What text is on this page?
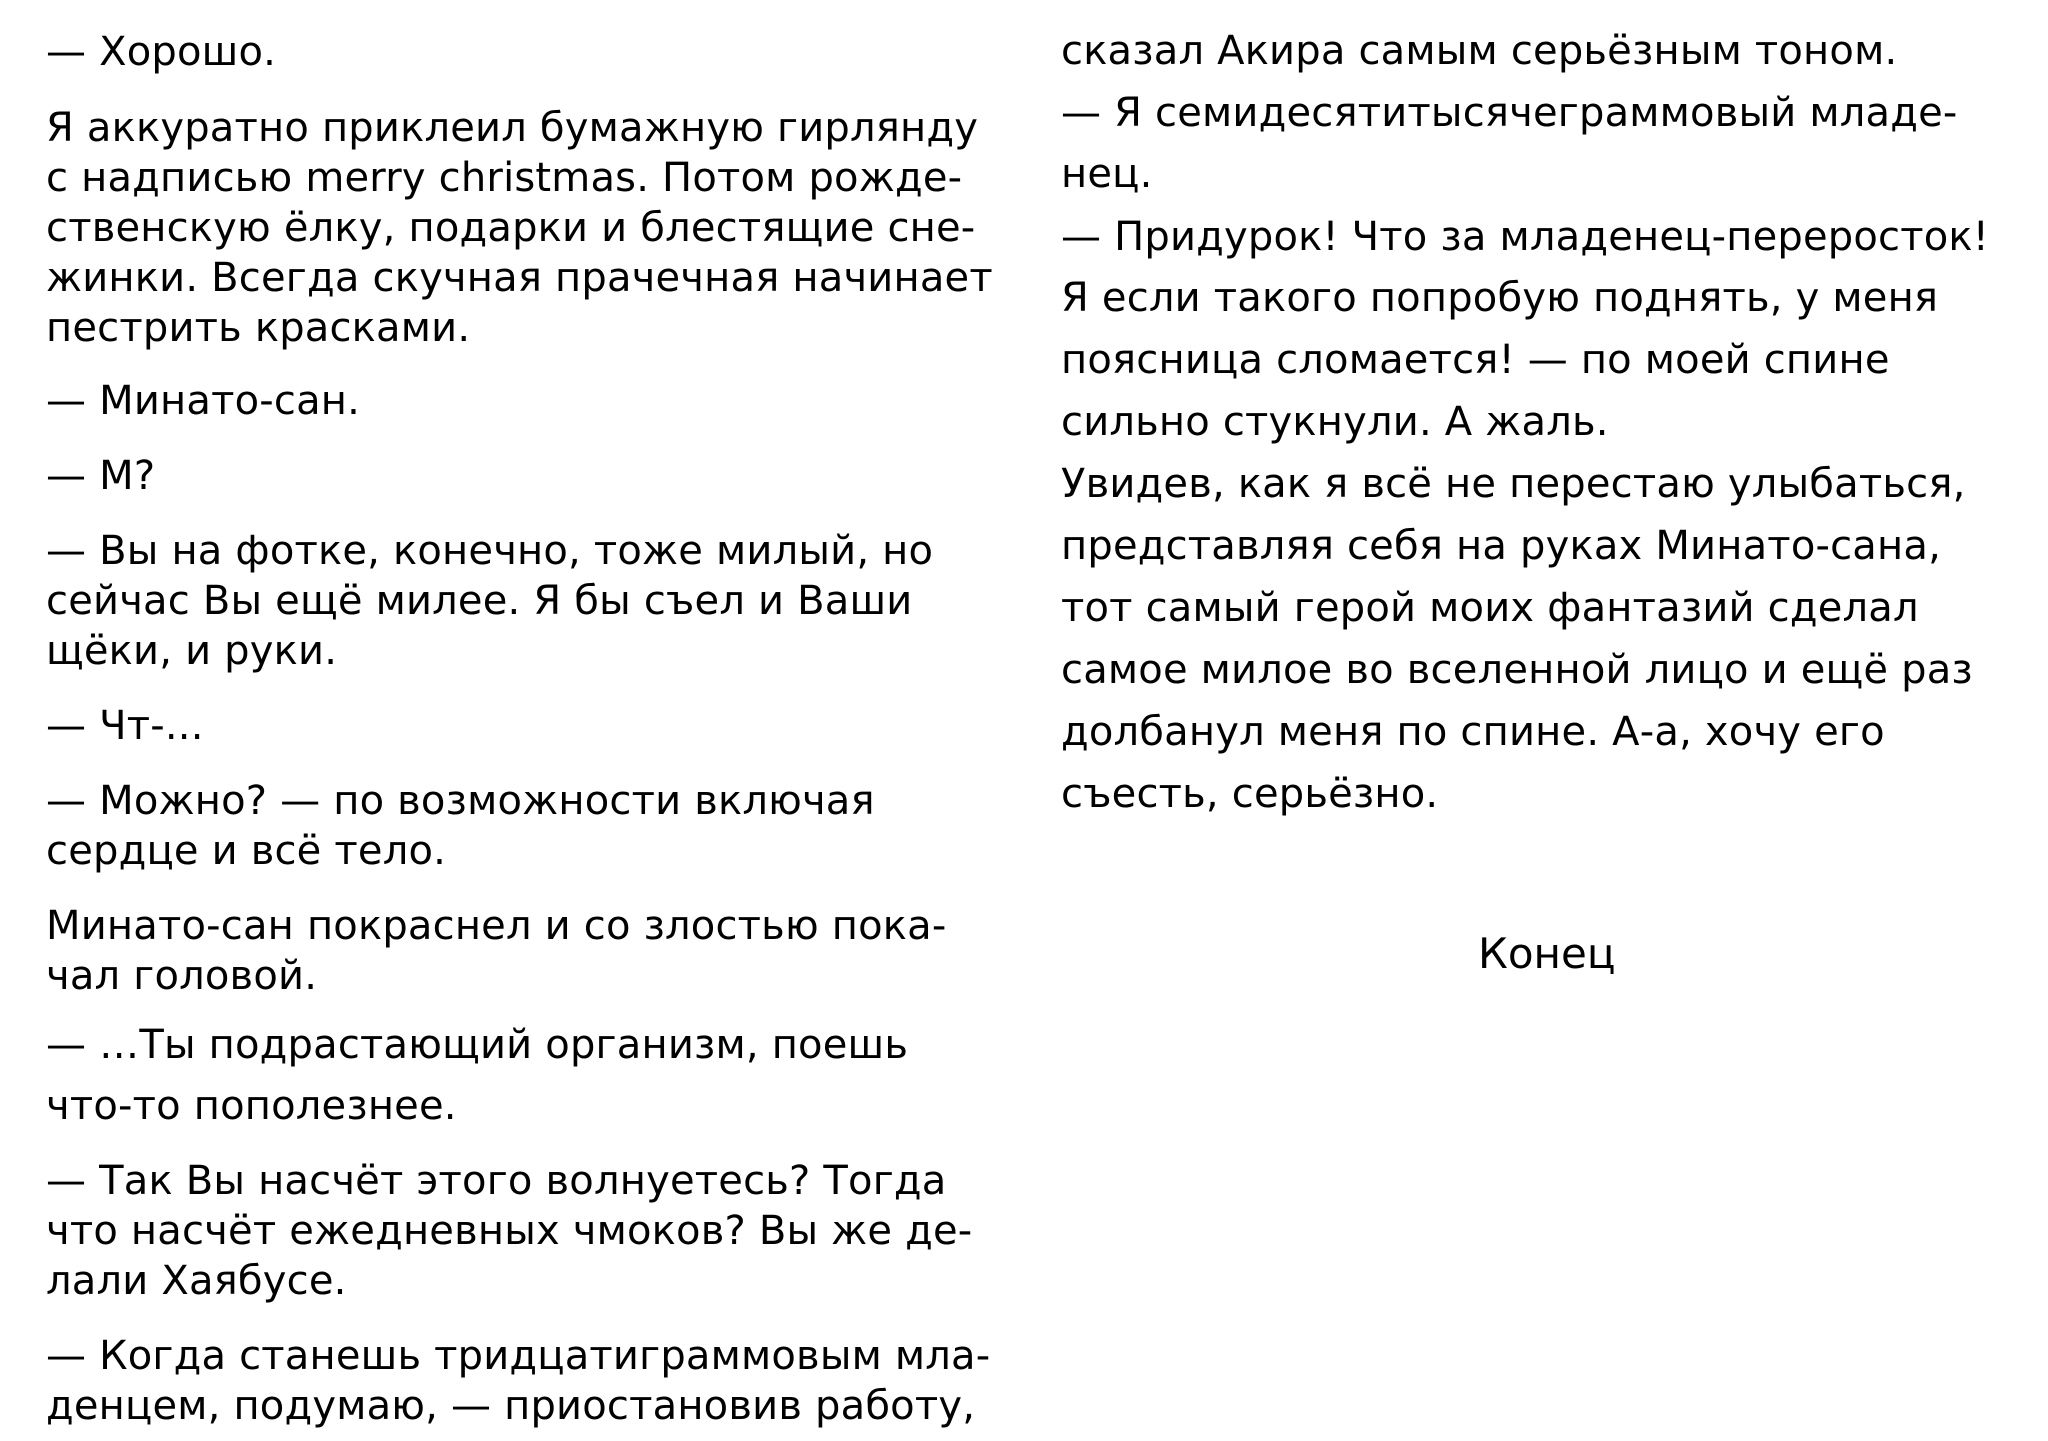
— Хорошо.
Я аккуратно приклеил бумажную гирлянду
с надписью merry christmas. Потом рожде-
ственскую ёлку, подарки и блестящие сне-
жинки. Всегда скучная прачечная начинает
пестрить красками.
— Минато-сан.
— М?
— Вы на фотке, конечно, тоже милый, но
сейчас Вы ещё милее. Я бы съел и Ваши
щёки, и руки.
— Чт-...
— Можно? — по возможности включая
сердце и всё тело.
Минато-сан покраснел и со злостью пока-
чал головой.
— …Ты подрастающий организм, поешь
что-то пополезнее.
— Так Вы насчёт этого волнуетесь? Тогда
что насчёт ежедневных чмоков? Вы же де-
лали Хаябусе.
— Когда станешь тридцатиграммовым мла-
денцем, подумаю, — приостановив работу,
сказал Акира самым серьёзным тоном.
— Я семидесятитысячеграммовый младе-
нец.
— Придурок! Что за младенец-переросток!
Я если такого попробую поднять, у меня
поясница сломается! — по моей спине
сильно стукнули. А жаль.
Увидев, как я всё не перестаю улыбаться,
представляя себя на руках Минато-сана,
тот самый герой моих фантазий сделал
самое милое во вселенной лицо и ещё раз
долбанул меня по спине. А-а, хочу его
съесть, серьёзно.
Конец
